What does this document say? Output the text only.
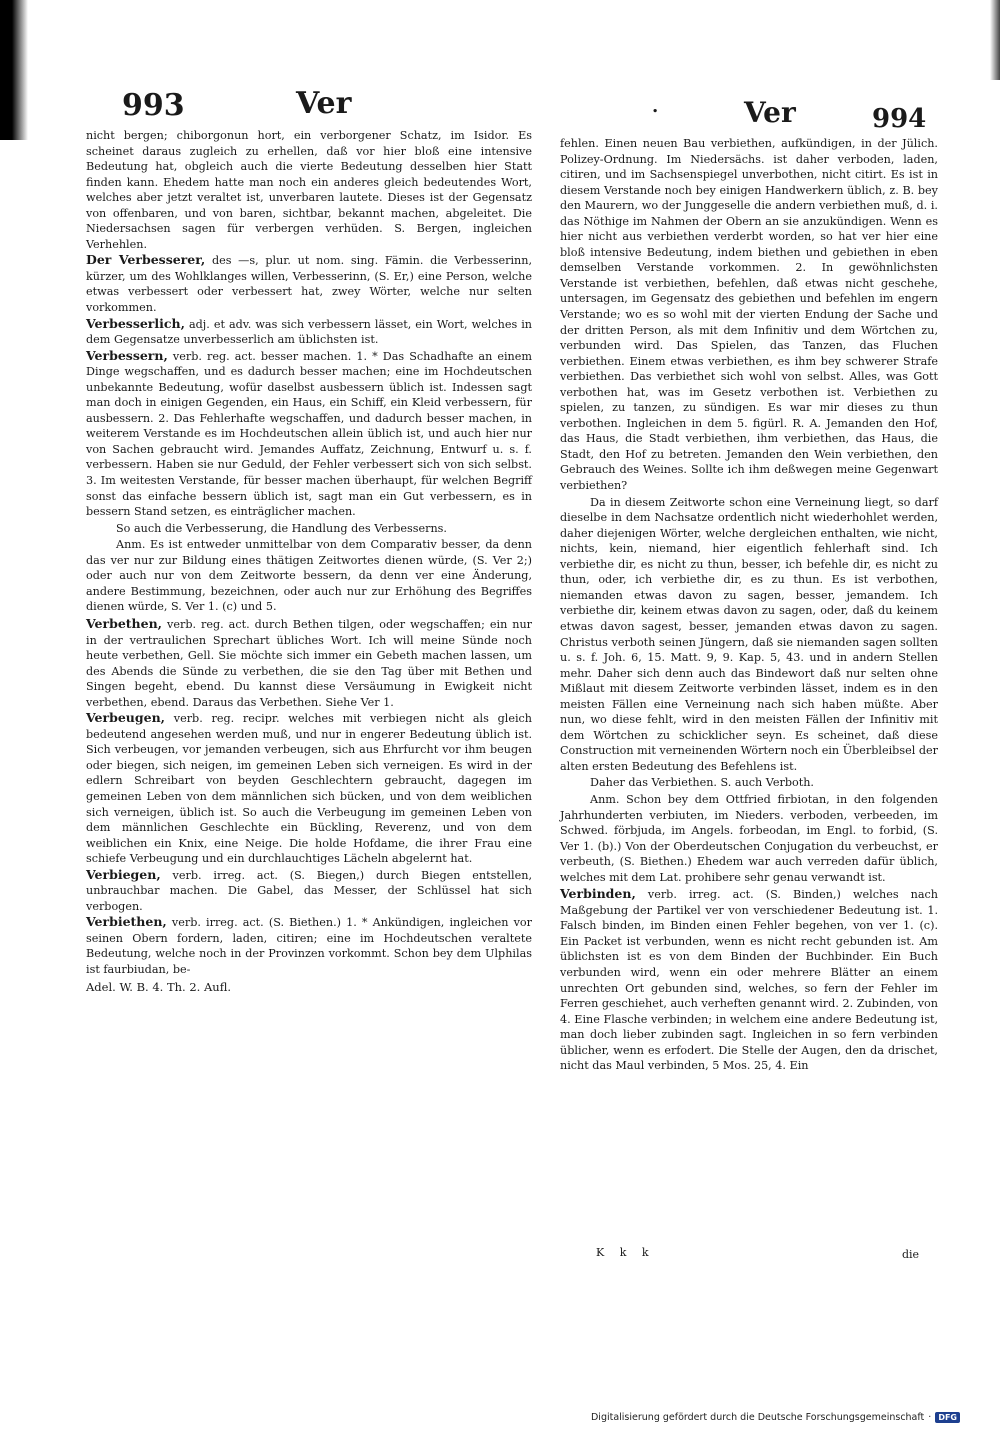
993	Ver	.	Ver	994

nicht bergen; chiborgonun hort, ein verborgener Schatz, im Isidor. Es scheinet daraus zugleich zu erhellen, daß vor hier bloß eine intensive Bedeutung hat, obgleich auch die vierte Bedeutung desselben hier Statt finden kann. Ehedem hatte man noch ein anderes gleich bedeutendes Wort, welches aber jetzt veraltet ist, unverbaren lautete. Dieses ist der Gegensatz von offenbaren, und von baren, sichtbar, bekannt machen, abgeleitet. Die Niedersachsen sagen für verbergen verhüden. S. Bergen, ingleichen Verhehlen.

Der Verbesserer, des —s, plur. ut nom. sing. Fämin. die Verbesserinn, kürzer, um des Wohlklanges willen, Verbesserinn, (S. Er,) eine Person, welche etwas verbessert oder verbessert hat, zwey Wörter, welche nur selten vorkommen.

Verbesserlich, adj. et adv. was sich verbessern lässet, ein Wort, welches in dem Gegensatze unverbesserlich am üblichsten ist.

Verbessern, verb. reg. act. besser machen. 1. * Das Schadhafte an einem Dinge wegschaffen, und es dadurch besser machen; eine im Hochdeutschen unbekannte Bedeutung, wofür daselbst ausbessern üblich ist. Indessen sagt man doch in einigen Gegenden, ein Haus, ein Schiff, ein Kleid verbessern, für ausbessern. 2. Das Fehlerhafte wegschaffen, und dadurch besser machen, in weiterem Verstande es im Hochdeutschen allein üblich ist, und auch hier nur von Sachen gebraucht wird. Jemandes Auffatz, Zeichnung, Entwurf u. s. f. verbessern. Haben sie nur Geduld, der Fehler verbessert sich von sich selbst. 3. Im weitesten Verstande, für besser machen überhaupt, für welchen Begriff sonst das einfache bessern üblich ist, sagt man ein Gut verbessern, es in bessern Stand setzen, es einträglicher machen.

So auch die Verbesserung, die Handlung des Verbesserns.

Anm. Es ist entweder unmittelbar von dem Comparativ besser, da denn das ver nur zur Bildung eines thätigen Zeitwortes dienen würde, (S. Ver 2;) oder auch nur von dem Zeitworte bessern, da denn ver eine Änderung, andere Bestimmung, bezeichnen, oder auch nur zur Erhöhung des Begriffes dienen würde, S. Ver 1. (c) und 5.

Verbethen, verb. reg. act. durch Bethen tilgen, oder wegschaffen; ein nur in der vertraulichen Sprechart übliches Wort. Ich will meine Sünde noch heute verbethen, Gell. Sie möchte sich immer ein Gebeth machen lassen, um des Abends die Sünde zu verbethen, die sie den Tag über mit Bethen und Singen begeht, ebend. Du kannst diese Versäumung in Ewigkeit nicht verbethen, ebend. Daraus das Verbethen. Siehe Ver 1.

Verbeugen, verb. reg. recipr. welches mit verbiegen nicht als gleich bedeutend angesehen werden muß, und nur in engerer Bedeutung üblich ist. Sich verbeugen, vor jemanden verbeugen, sich aus Ehrfurcht vor ihm beugen oder biegen, sich neigen, im gemeinen Leben sich verneigen. Es wird in der edlern Schreibart von beyden Geschlechtern gebraucht, dagegen im gemeinen Leben von dem männlichen sich bücken, und von dem weiblichen sich verneigen, üblich ist. So auch die Verbeugung im gemeinen Leben von dem männlichen Geschlechte ein Bückling, Reverenz, und von dem weiblichen ein Knix, eine Neige. Die holde Hofdame, die ihrer Frau eine schiefe Verbeugung und ein durchlauchtiges Lächeln abgelernt hat.

Verbiegen, verb. irreg. act. (S. Biegen,) durch Biegen entstellen, unbrauchbar machen. Die Gabel, das Messer, der Schlüssel hat sich verbogen.

Verbiethen, verb. irreg. act. (S. Biethen.) 1. * Ankündigen, ingleichen vor seinen Obern fordern, laden, citiren; eine im Hochdeutschen veraltete Bedeutung, welche noch in der Provinzen vorkommt. Schon bey dem Ulphilas ist faurbiudan, be-

Adel. W. B. 4. Th. 2. Aufl.

fehlen. Einen neuen Bau verbiethen, aufkündigen, in der Jülich. Polizey-Ordnung. Im Niedersächs. ist daher verboden, laden, citiren, und im Sachsenspiegel unverbothen, nicht citirt. Es ist in diesem Verstande noch bey einigen Handwerkern üblich, z. B. bey den Maurern, wo der Junggeselle die andern verbiethen muß, d. i. das Nöthige im Nahmen der Obern an sie anzukündigen. Wenn es hier nicht aus verbiethen verderbt worden, so hat ver hier eine bloß intensive Bedeutung, indem biethen und gebiethen in eben demselben Verstande vorkommen. 2. In gewöhnlichsten Verstande ist verbiethen, befehlen, daß etwas nicht geschehe, untersagen, im Gegensatz des gebiethen und befehlen im engern Verstande; wo es so wohl mit der vierten Endung der Sache und der dritten Person, als mit dem Infinitiv und dem Wörtchen zu, verbunden wird. Das Spielen, das Tanzen, das Fluchen verbiethen. Einem etwas verbiethen, es ihm bey schwerer Strafe verbiethen. Das verbiethet sich wohl von selbst. Alles, was Gott verbothen hat, was im Gesetz verbothen ist. Verbiethen zu spielen, zu tanzen, zu sündigen. Es war mir dieses zu thun verbothen. Ingleichen in dem 5. figürl. R. A. Jemanden den Hof, das Haus, die Stadt verbiethen, ihm verbiethen, das Haus, die Stadt, den Hof zu betreten. Jemanden den Wein verbiethen, den Gebrauch des Weines. Sollte ich ihm deßwegen meine Gegenwart verbiethen?

Da in diesem Zeitworte schon eine Verneinung liegt, so darf dieselbe in dem Nachsatze ordentlich nicht wiederhohlet werden, daher diejenigen Wörter, welche dergleichen enthalten, wie nicht, nichts, kein, niemand, hier eigentlich fehlerhaft sind. Ich verbiethe dir, es nicht zu thun, besser, ich befehle dir, es nicht zu thun, oder, ich verbiethe dir, es zu thun. Es ist verbothen, niemanden etwas davon zu sagen, besser, jemandem. Ich verbiethe dir, keinem etwas davon zu sagen, oder, daß du keinem etwas davon sagest, besser, jemanden etwas davon zu sagen. Christus verboth seinen Jüngern, daß sie niemanden sagen sollten u. s. f. Joh. 6, 15. Matt. 9, 9. Kap. 5, 43. und in andern Stellen mehr. Daher sich denn auch das Bindewort daß nur selten ohne Mißlaut mit diesem Zeitworte verbinden lässet, indem es in den meisten Fällen eine Verneinung nach sich haben müßte. Aber nun, wo diese fehlt, wird in den meisten Fällen der Infinitiv mit dem Wörtchen zu schicklicher seyn. Es scheinet, daß diese Construction mit verneinenden Wörtern noch ein Überbleibsel der alten ersten Bedeutung des Befehlens ist.

Daher das Verbiethen. S. auch Verboth.

Anm. Schon bey dem Ottfried firbiotan, in den folgenden Jahrhunderten verbiuten, im Nieders. verboden, verbeeden, im Schwed. förbjuda, im Angels. forbeodan, im Engl. to forbid, (S. Ver 1. (b).) Von der Oberdeutschen Conjugation du verbeuchst, er verbeuth, (S. Biethen.) Ehedem war auch verreden dafür üblich, welches mit dem Lat. prohibere sehr genau verwandt ist.

Verbinden, verb. irreg. act. (S. Binden,) welches nach Maßgebung der Partikel ver von verschiedener Bedeutung ist. 1. Falsch binden, im Binden einen Fehler begehen, von ver 1. (c). Ein Packet ist verbunden, wenn es nicht recht gebunden ist. Am üblichsten ist es von dem Binden der Buchbinder. Ein Buch verbunden wird, wenn ein oder mehrere Blätter an einem unrechten Ort gebunden sind, welches, so fern der Fehler im Ferren geschiehet, auch verheften genannt wird. 2. Zubinden, von 4. Eine Flasche verbinden; in welchem eine andere Bedeutung ist, man doch lieber zubinden sagt. Ingleichen in so fern verbinden üblicher, wenn es erfodert. Die Stelle der Augen, den da drischet, nicht das Maul verbinden, 5 Mos. 25, 4. Ein

K k k	die
Digitalisierung gefördert durch die Deutsche Forschungsgemeinschaft · DFG
